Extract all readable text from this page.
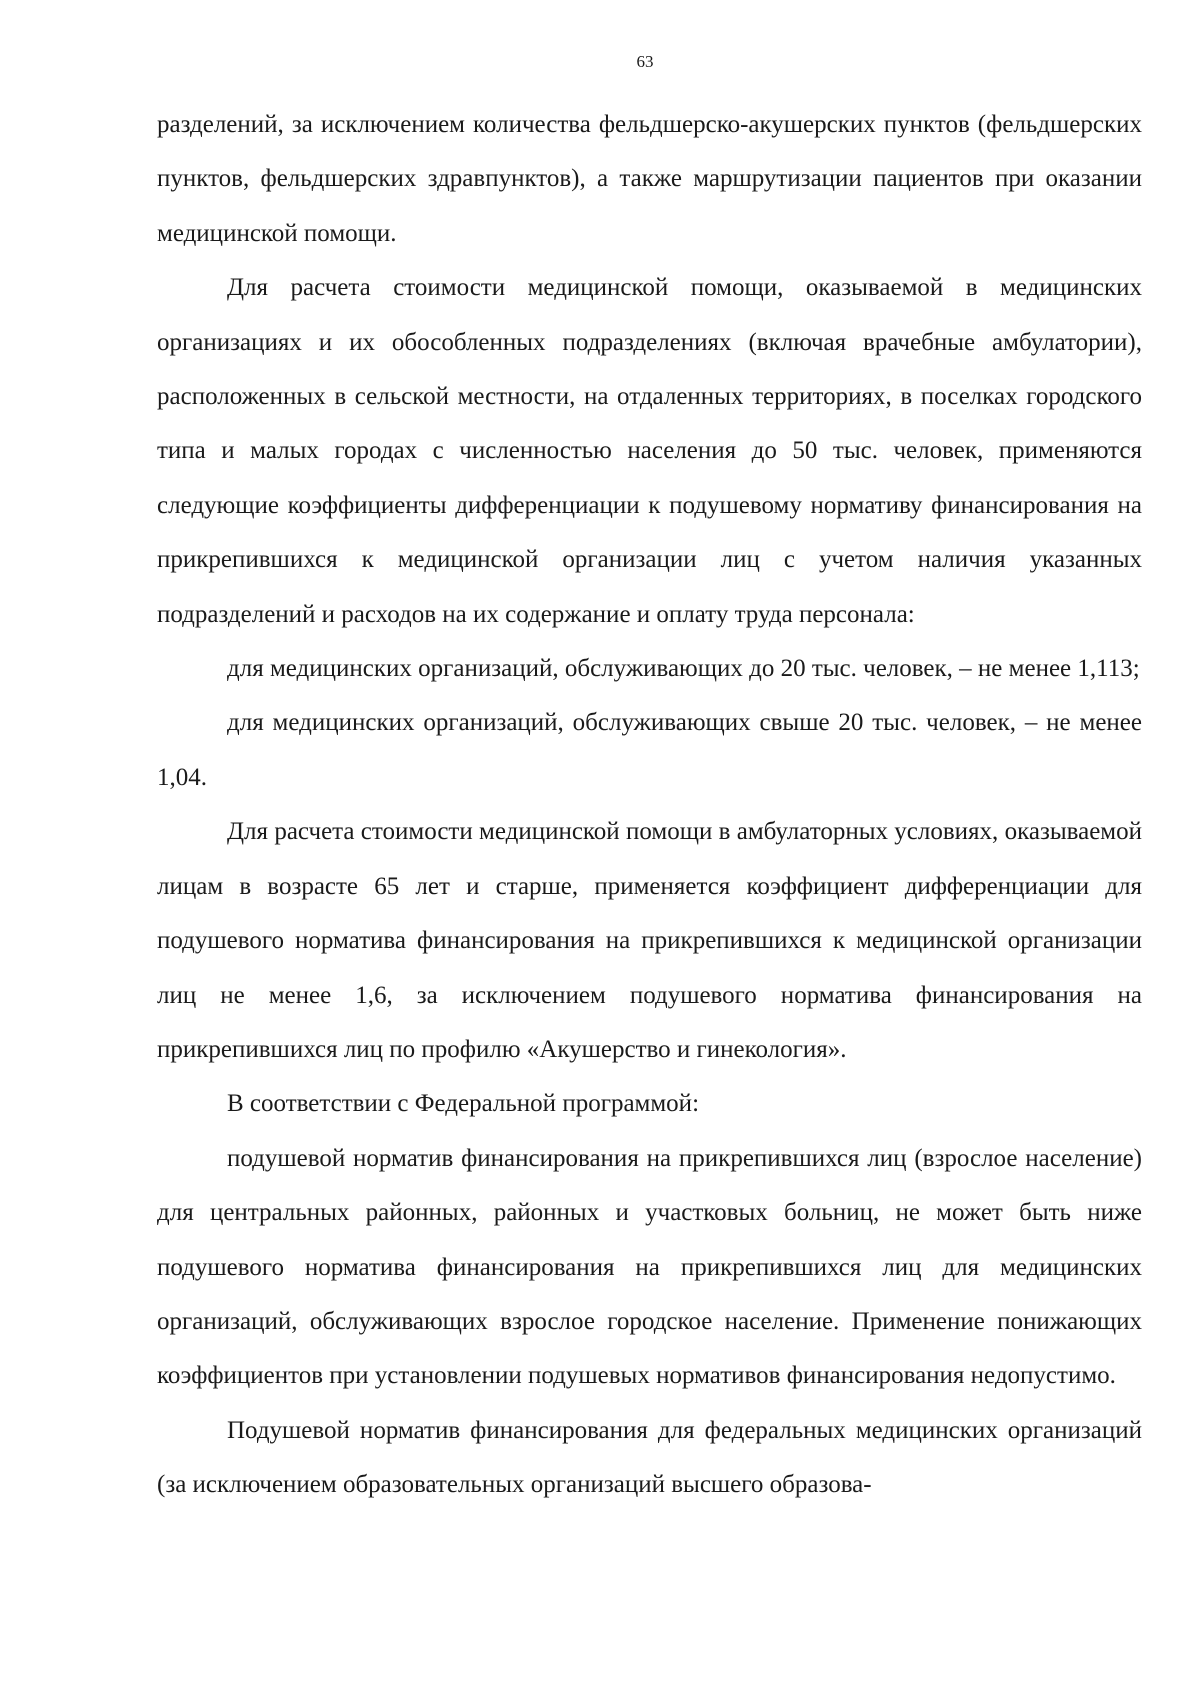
63

разделений, за исключением количества фельдшерско-акушерских пунктов (фельдшерских пунктов, фельдшерских здравпунктов), а также маршрутизации пациентов при оказании медицинской помощи.

Для расчета стоимости медицинской помощи, оказываемой в медицинских организациях и их обособленных подразделениях (включая врачебные амбулатории), расположенных в сельской местности, на отдаленных территориях, в поселках городского типа и малых городах с численностью населения до 50 тыс. человек, применяются следующие коэффициенты дифференциации к подушевому нормативу финансирования на прикрепившихся к медицинской организации лиц с учетом наличия указанных подразделений и расходов на их содержание и оплату труда персонала:

для медицинских организаций, обслуживающих до 20 тыс. человек, – не менее 1,113;

для медицинских организаций, обслуживающих свыше 20 тыс. человек, – не менее 1,04.

Для расчета стоимости медицинской помощи в амбулаторных условиях, оказываемой лицам в возрасте 65 лет и старше, применяется коэффициент дифференциации для подушевого норматива финансирования на прикрепившихся к медицинской организации лиц не менее 1,6, за исключением подушевого норматива финансирования на прикрепившихся лиц по профилю «Акушерство и гинекология».

В соответствии с Федеральной программой:

подушевой норматив финансирования на прикрепившихся лиц (взрослое население) для центральных районных, районных и участковых больниц, не может быть ниже подушевого норматива финансирования на прикрепившихся лиц для медицинских организаций, обслуживающих взрослое городское население. Применение понижающих коэффициентов при установлении подушевых нормативов финансирования недопустимо.

Подушевой норматив финансирования для федеральных медицинских организаций (за исключением образовательных организаций высшего образова-
